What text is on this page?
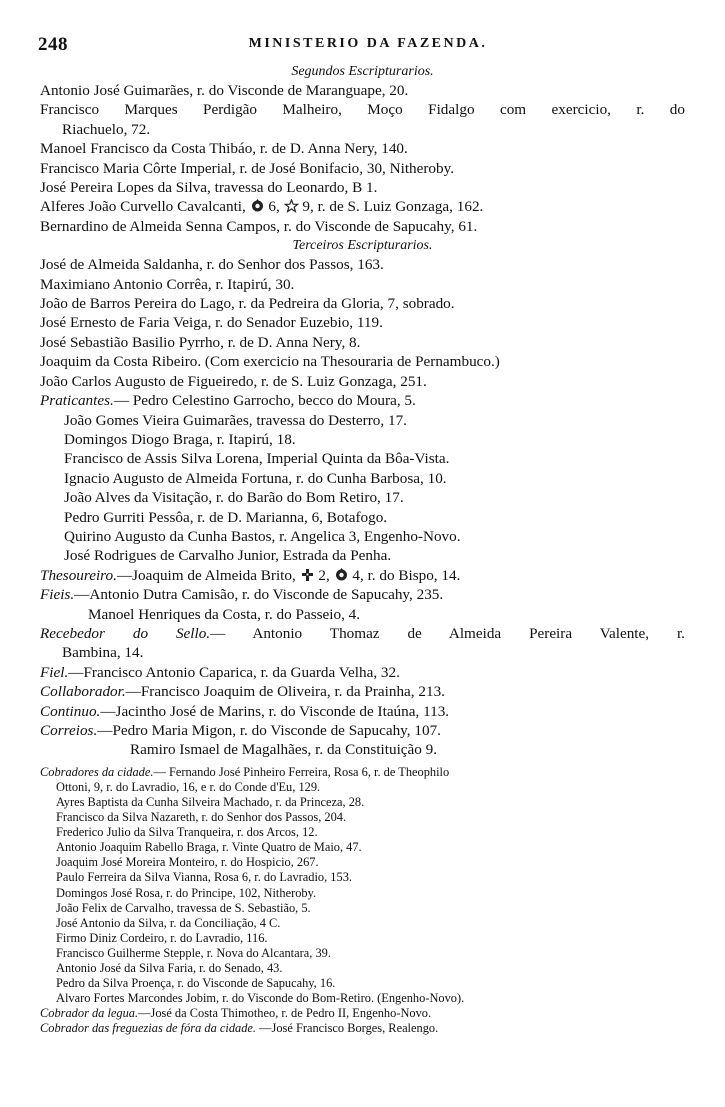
248	MINISTERIO DA FAZENDA.

Segundos Escripturarios.

Antonio José Guimarães, r. do Visconde de Maranguape, 20.

Francisco Marques Perdigão Malheiro, Moço Fidalgo com exercicio, r. do

Riachuelo, 72.

Manoel Francisco da Costa Thibáo, r. de D. Anna Nery, 140.

Francisco Maria Côrte Imperial, r. de José Bonifacio, 30, Nitheroby.

José Pereira Lopes da Silva, travessa do Leonardo, B 1.

Alferes João Curvello Cavalcanti, 6, 9, r. de S. Luiz Gonzaga, 162.

Bernardino de Almeida Senna Campos, r. do Visconde de Sapucahy, 61.

Terceiros Escripturarios.

José de Almeida Saldanha, r. do Senhor dos Passos, 163.

Maximiano Antonio Corrêa, r. Itapirú, 30.

João de Barros Pereira do Lago, r. da Pedreira da Gloria, 7, sobrado.

José Ernesto de Faria Veiga, r. do Senador Euzebio, 119.

José Sebastião Basilio Pyrrho, r. de D. Anna Nery, 8.

Joaquim da Costa Ribeiro. (Com exercicio na Thesouraria de Pernambuco.)

João Carlos Augusto de Figueiredo, r. de S. Luiz Gonzaga, 251.

Praticantes.— Pedro Celestino Garrocho, becco do Moura, 5.

João Gomes Vieira Guimarães, travessa do Desterro, 17.

Domingos Diogo Braga, r. Itapirú, 18.

Francisco de Assis Silva Lorena, Imperial Quinta da Bôa-Vista.

Ignacio Augusto de Almeida Fortuna, r. do Cunha Barbosa, 10.

João Alves da Visitação, r. do Barão do Bom Retiro, 17.

Pedro Gurriti Pessôa, r. de D. Marianna, 6, Botafogo.

Quirino Augusto da Cunha Bastos, r. Angelica 3, Engenho-Novo.

José Rodrigues de Carvalho Junior, Estrada da Penha.

Thesoureiro.—Joaquim de Almeida Brito, 2, 4, r. do Bispo, 14.

Fieis.—Antonio Dutra Camisão, r. do Visconde de Sapucahy, 235.

Manoel Henriques da Costa, r. do Passeio, 4.

Recebedor do Sello.— Antonio Thomaz de Almeida Pereira Valente, r.

Bambina, 14.

Fiel.—Francisco Antonio Caparica, r. da Guarda Velha, 32.

Collaborador.—Francisco Joaquim de Oliveira, r. da Prainha, 213.

Continuo.—Jacintho José de Marins, r. do Visconde de Itaúna, 113.

Correios.—Pedro Maria Migon, r. do Visconde de Sapucahy, 107.

Ramiro Ismael de Magalhães, r. da Constituição 9.

Cobradores da cidade.— Fernando José Pinheiro Ferreira, Rosa 6, r. de Theophilo

Ottoni, 9, r. do Lavradio, 16, e r. do Conde d'Eu, 129.

Ayres Baptista da Cunha Silveira Machado, r. da Princeza, 28.

Francisco da Silva Nazareth, r. do Senhor dos Passos, 204.

Frederico Julio da Silva Tranqueira, r. dos Arcos, 12.

Antonio Joaquim Rabello Braga, r. Vinte Quatro de Maio, 47.

Joaquim José Moreira Monteiro, r. do Hospicio, 267.

Paulo Ferreira da Silva Vianna, Rosa 6, r. do Lavradio, 153.

Domingos José Rosa, r. do Principe, 102, Nitheroby.

João Felix de Carvalho, travessa de S. Sebastião, 5.

José Antonio da Silva, r. da Conciliação, 4 C.

Firmo Diniz Cordeiro, r. do Lavradio, 116.

Francisco Guilherme Stepple, r. Nova do Alcantara, 39.

Antonio José da Silva Faria, r. do Senado, 43.

Pedro da Silva Proença, r. do Visconde de Sapucahy, 16.

Alvaro Fortes Marcondes Jobim, r. do Visconde do Bom-Retiro. (Engenho-Novo).

Cobrador da legua.—José da Costa Thimotheo, r. de Pedro II, Engenho-Novo.

Cobrador das freguezias de fóra da cidade. —José Francisco Borges, Realengo.
